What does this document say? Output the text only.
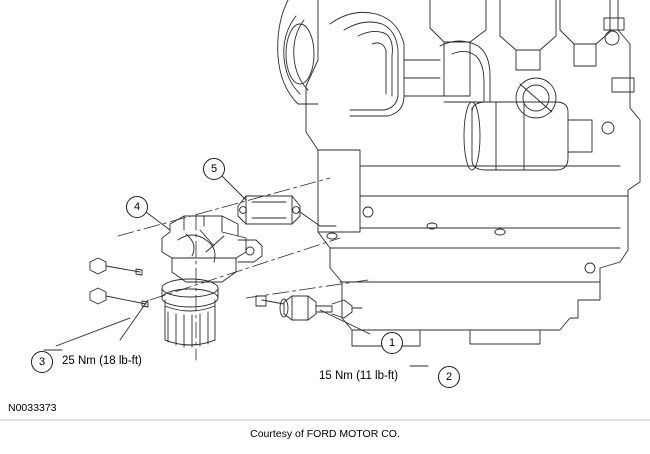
1
2
3
4
5
25 Nm (18 lb-ft)
15 Nm (11 lb-ft)
N0033373
Courtesy of FORD MOTOR CO.
